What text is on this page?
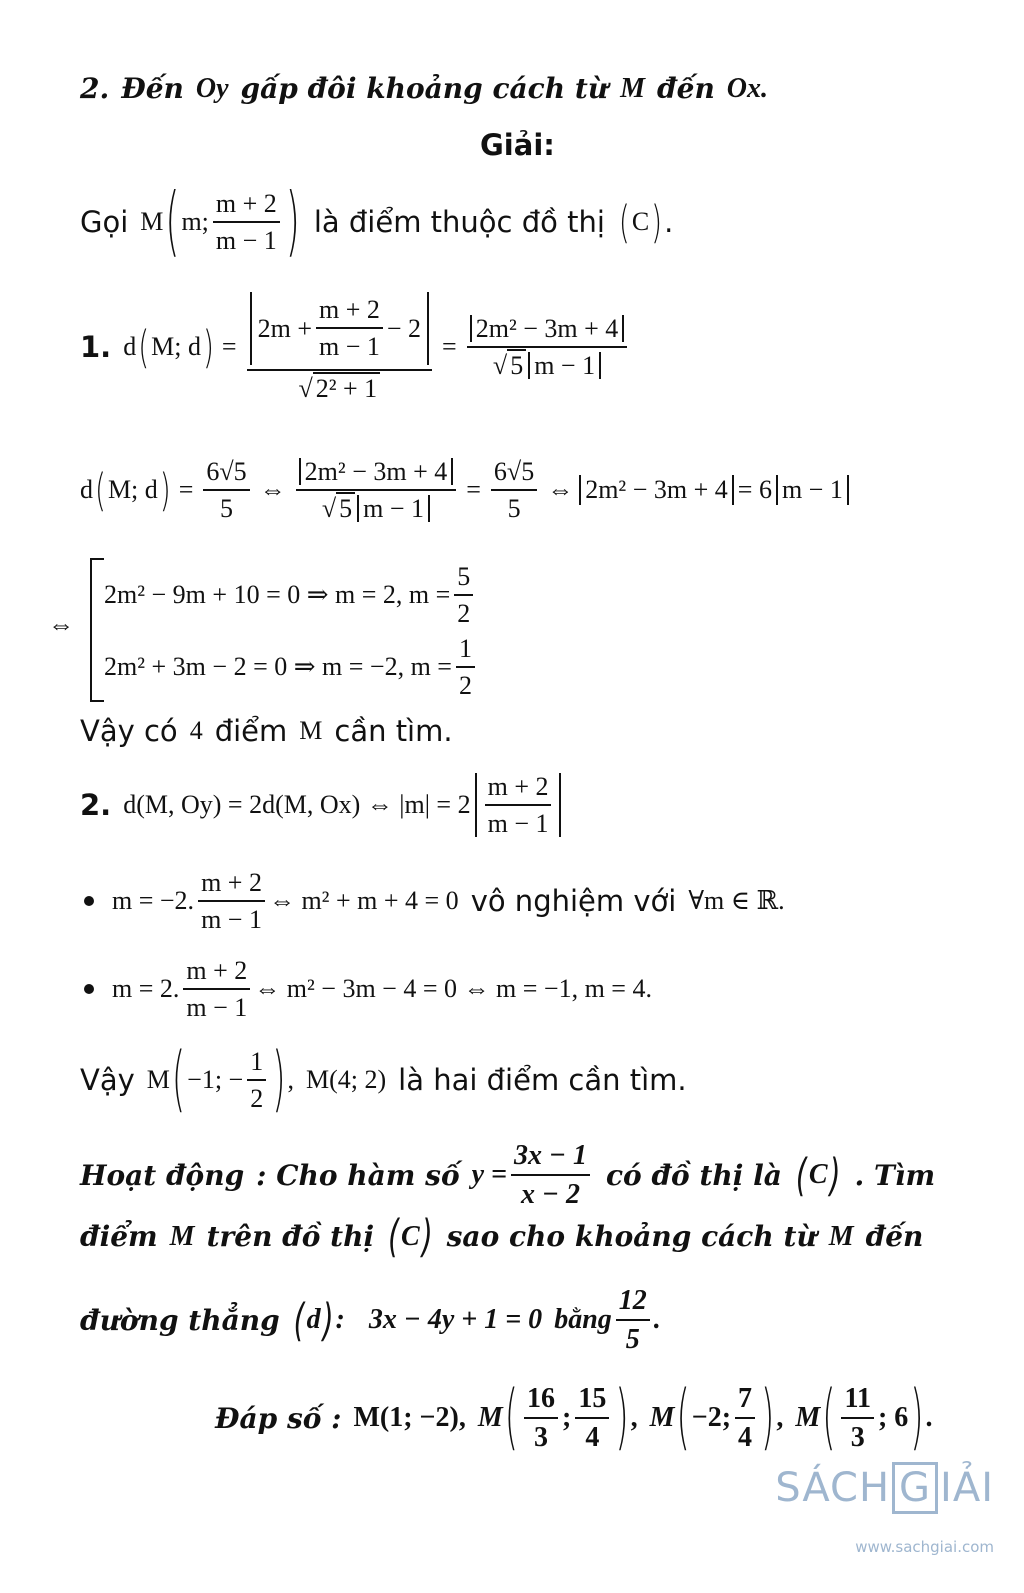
2. Đến Oy gấp đôi khoảng cách từ M đến Ox.
Giải:
Gọi M ( m; $\frac{m + 2}{m - 1}$ ) là điểm thuộc đồ thị ( C ) .
1. d ( M; d ) = $\frac{2m + \frac{m + 2}{m - 1} - 2}{\text{√ 2² + 1}} = \frac{\text{2m² − 3m + 4}}{√ 5 m - 1}$
d ( M; d ) = $\frac{6√5}{5}$ ⇔ $\frac{\text{2m² − 3m + 4}}{√ 5 m - 1} = \frac{6√5}{5}$ ⇔ 2m² − 3m + 4 = 6 m − 1
⇔
2m² − 9m + 10 = 0 ⇒ m = 2, $m = \frac{5}{2}$
2m² + 3m − 2 = 0 ⇒ m = −2, $m = \frac{1}{2}$
Vậy có 4 điểm M cần tìm.
2. d(M, Oy) = 2d(M, Ox) ⇔ $|m| = 2 \frac{m + 2}{m - 1}$
m = −2. $\frac{m + 2}{m - 1}$ ⇔ m² + m + 4 = 0 vô nghiệm với ∀m ∈ ℝ.
m = 2. $\frac{m + 2}{m - 1}$ ⇔ m² − 3m − 4 = 0 ⇔ m = −1, m = 4.
Vậy M ( −1; − $\frac{1}{2}$ ) , M(4; 2) là hai điểm cần tìm.
Hoạt động : Cho hàm số $y = \frac{3x - 1}{x - 2}$ có đồ thị là ( C ) . Tìm
điểm M trên đồ thị ( C ) sao cho khoảng cách từ M đến
đường thẳng ( d ) : 3x − 4y + 1 = 0 bằng $\frac{12}{5}$ .
Đáp số : M(1; −2), M ( $\frac{16}{3}$ ; $\frac{15}{4}$ ) , M ( −2; $\frac{7}{4}$ ) , M ( $\frac{11}{3}$ ; 6 ) .
SÁCH G IẢI
www.sachgiai.com
